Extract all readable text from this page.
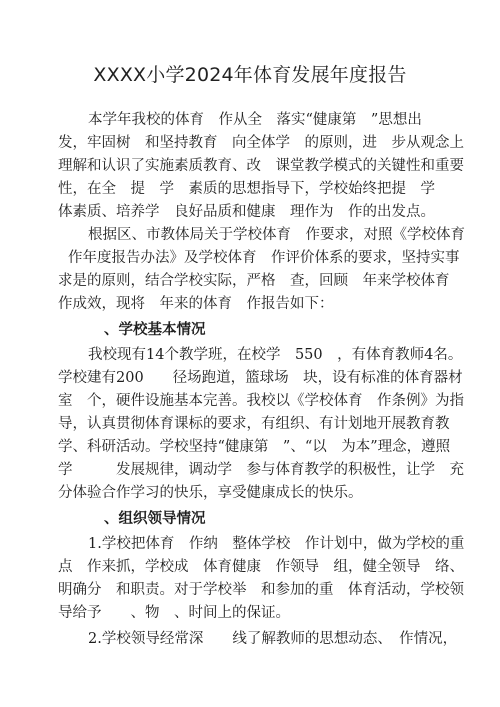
XXXX小学2024年体育发展年度报告
本学年我校的体育　作从全　落实“健康第　”思想出
发，牢固树　和坚持教育　向全体学　的原则，进　步从观念上
理解和认识了实施素质教育、改　课堂教学模式的关键性和重要
性，在全　提　学　素质的思想指导下，学校始终把提　学
体素质、培养学　良好品质和健康　理作为　作的出发点。
根据区、市教体局关于学校体育　作要求，对照《学校体育
作年度报告办法》及学校体育　作评价体系的要求，坚持实事
求是的原则，结合学校实际，严格　查，回顾　年来学校体育
作成效，现将　年来的体育　作报告如下：
、学校基本情况
我校现有14个教学班，在校学　550　，有体育教师4名。
学校建有200　　径场跑道，篮球场　块，设有标准的体育器材
室　个，硬件设施基本完善。我校以《学校体育　作条例》为指
导，认真贯彻体育课标的要求，有组织、有计划地开展教育教
学、科研活动。学校坚持“健康第　”、“以　为本”理念，遵照
学　　　发展规律，调动学　参与体育教学的积极性，让学　充
分体验合作学习的快乐，享受健康成长的快乐。
、组织领导情况
1.学校把体育　作纳　整体学校　作计划中，做为学校的重
点　作来抓，学校成　体育健康　作领导　组，健全领导　络、
明确分　和职责。对于学校举　和参加的重　体育活动，学校领
导给予　　、物　、时间上的保证。
2.学校领导经常深　　线了解教师的思想动态、　作情况，
